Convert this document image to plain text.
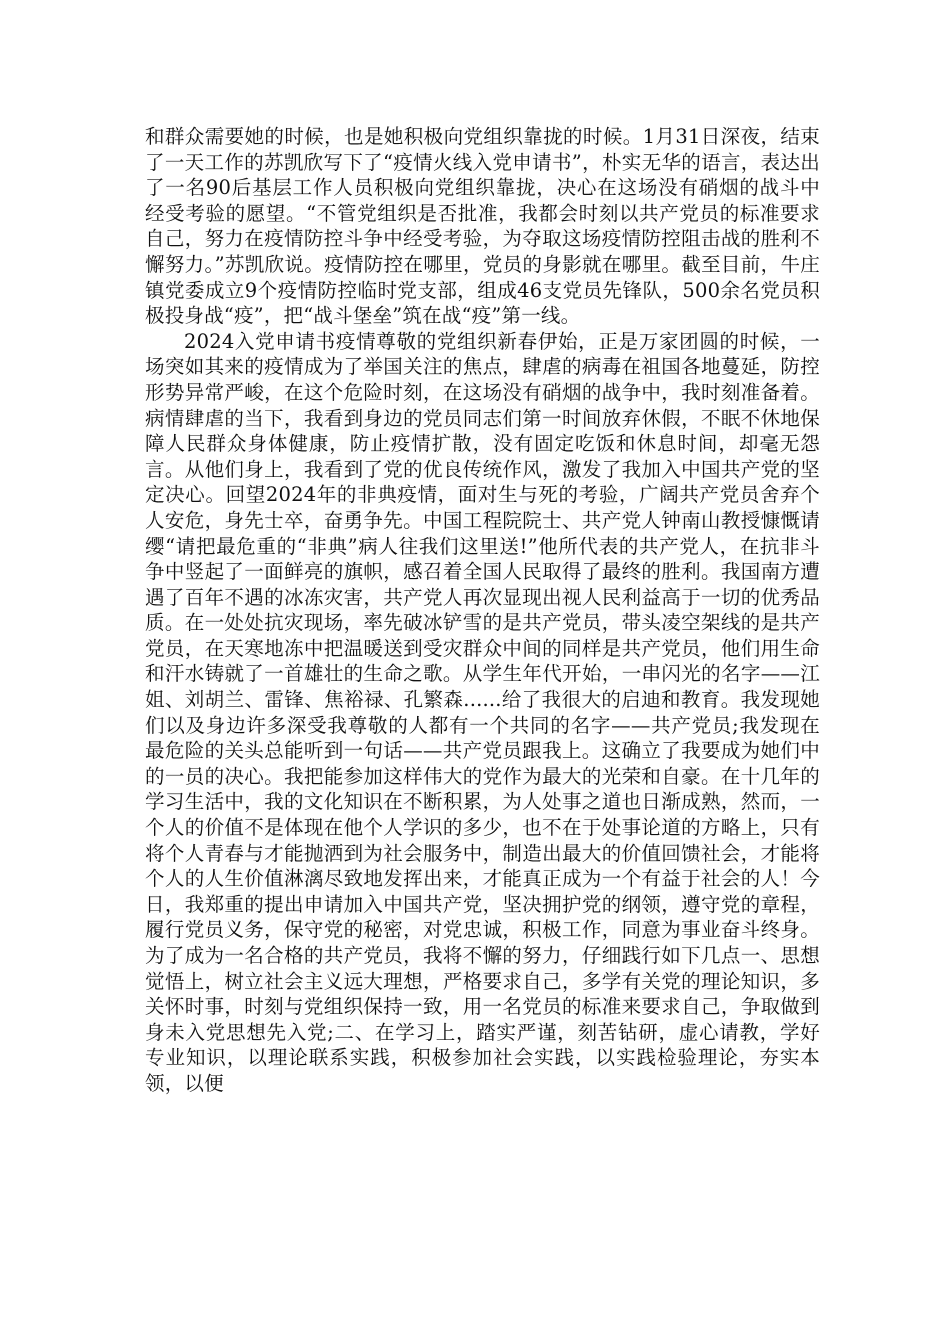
和群众需要她的时候，也是她积极向党组织靠拢的时候。1月31日深夜，结束了一天工作的苏凯欣写下了“疫情火线入党申请书”，朴实无华的语言，表达出了一名90后基层工作人员积极向党组织靠拢，决心在这场没有硝烟的战斗中经受考验的愿望。“不管党组织是否批准，我都会时刻以共产党员的标准要求自己，努力在疫情防控斗争中经受考验，为夺取这场疫情防控阻击战的胜利不懈努力。”苏凯欣说。疫情防控在哪里，党员的身影就在哪里。截至目前，牛庄镇党委成立9个疫情防控临时党支部，组成46支党员先锋队，500余名党员积极投身战“疫”，把“战斗堡垒”筑在战“疫”第一线。

2024入党申请书疫情尊敬的党组织新春伊始，正是万家团圆的时候，一场突如其来的疫情成为了举国关注的焦点，肆虐的病毒在祖国各地蔓延，防控形势异常严峻，在这个危险时刻，在这场没有硝烟的战争中，我时刻准备着。病情肆虐的当下，我看到身边的党员同志们第一时间放弃休假，不眠不休地保障人民群众身体健康，防止疫情扩散，没有固定吃饭和休息时间，却毫无怨言。从他们身上，我看到了党的优良传统作风，激发了我加入中国共产党的坚定决心。回望2024年的非典疫情，面对生与死的考验，广阔共产党员舍弃个人安危，身先士卒，奋勇争先。中国工程院院士、共产党人钟南山教授慷慨请缨“请把最危重的“非典”病人往我们这里送!”他所代表的共产党人，在抗非斗争中竖起了一面鲜亮的旗帜，感召着全国人民取得了最终的胜利。我国南方遭遇了百年不遇的冰冻灾害，共产党人再次显现出视人民利益高于一切的优秀品质。在一处处抗灾现场，率先破冰铲雪的是共产党员，带头凌空架线的是共产党员，在天寒地冻中把温暖送到受灾群众中间的同样是共产党员，他们用生命和汗水铸就了一首雄壮的生命之歌。从学生年代开始，一串闪光的名字——江姐、刘胡兰、雷锋、焦裕禄、孔繁森......给了我很大的启迪和教育。我发现她们以及身边许多深受我尊敬的人都有一个共同的名字——共产党员;我发现在最危险的关头总能听到一句话——共产党员跟我上。这确立了我要成为她们中的一员的决心。我把能参加这样伟大的党作为最大的光荣和自豪。在十几年的学习生活中，我的文化知识在不断积累，为人处事之道也日渐成熟，然而，一个人的价值不是体现在他个人学识的多少，也不在于处事论道的方略上，只有将个人青春与才能抛洒到为社会服务中，制造出最大的价值回馈社会，才能将个人的人生价值淋漓尽致地发挥出来，才能真正成为一个有益于社会的人！今日，我郑重的提出申请加入中国共产党，坚决拥护党的纲领，遵守党的章程，履行党员义务，保守党的秘密，对党忠诚，积极工作，同意为事业奋斗终身。为了成为一名合格的共产党员，我将不懈的努力，仔细践行如下几点一、思想觉悟上，树立社会主义远大理想，严格要求自己，多学有关党的理论知识，多关怀时事，时刻与党组织保持一致，用一名党员的标准来要求自己，争取做到身未入党思想先入党;二、在学习上，踏实严谨，刻苦钻研，虚心请教，学好专业知识，以理论联系实践，积极参加社会实践，以实践检验理论，夯实本领，以便
